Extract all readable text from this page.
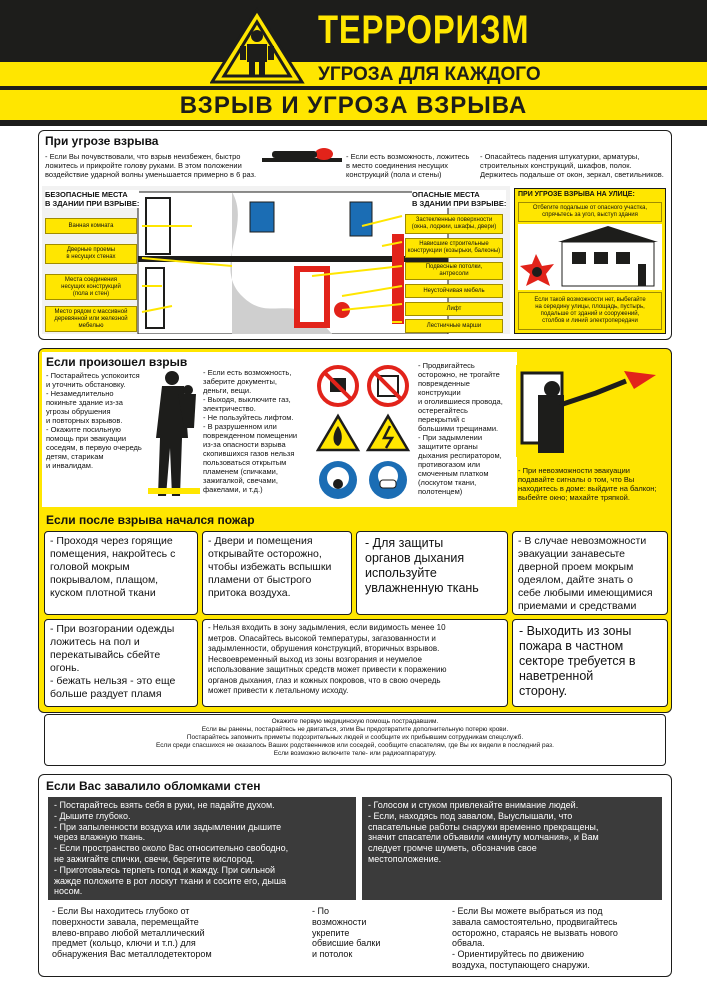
ТЕРРОРИЗМ
УГРОЗА ДЛЯ КАЖДОГО
ВЗРЫВ И УГРОЗА ВЗРЫВА
При угрозе взрыва
- Если Вы почувствовали, что взрыв неизбежен, быстро
ложитесь и прикройте голову руками. В этом положении
воздействие ударной волны уменьшается примерно в 6 раз.
- Если есть возможность, ложитесь
в место соединения несущих
конструкций (пола и стены)
- Опасайтесь падения штукатурки, арматуры,
строительных конструкций, шкафов, полок.
Держитесь подальше от окон, зеркал, светильников.
БЕЗОПАСНЫЕ МЕСТА
В ЗДАНИИ ПРИ ВЗРЫВЕ:
Ванная комната
Дверные проемы
в несущих стенах
Места соединения
несущих конструкций
(пола и стен)
Место рядом с массивной
деревянной или железной
мебелью
ОПАСНЫЕ МЕСТА
В ЗДАНИИ ПРИ ВЗРЫВЕ:
Застекленные поверхности
(окна, лоджии, шкафы, двери)
Нависшие строительные
конструкции (козырьки, балконы)
Подвесные потолки,
антресоли
Неустойчивая мебель
Лифт
Лестничные марши
ПРИ УГРОЗЕ ВЗРЫВА НА УЛИЦЕ:
Отбегите подальше от опасного участка,
спрячьтесь за угол, выступ здания
Если такой возможности нет, выбегайте
на середину улицы, площадь, пустырь,
подальше от зданий и сооружений,
столбов и линий электропередачи
Если произошел взрыв
- Постарайтесь успокоится
и уточнить обстановку.
- Незамедлительно
покиньте здание из-за
угрозы обрушения
и повторных взрывов.
- Окажите посильную
помощь при эвакуации
соседям, в первую очередь
детям, старикам
и инвалидам.
- Если есть возможность,
заберите документы,
деньги, вещи.
- Выходя, выключите газ,
электричество.
- Не пользуйтесь лифтом.
- В разрушенном или
поврежденном помещении
из-за опасности взрыва
скопившихся газов нельзя
пользоваться открытым
пламенем (спичками,
зажигалкой, свечами,
факелами, и т.д.)
- Продвигайтесь
осторожно, не трогайте
поврежденные
конструкции
и оголившиеся провода,
остерегайтесь
перекрытий с
большими трещинами.
- При задымлении
защитите органы
дыхания респиратором,
противогазом или
смоченным платком
(лоскутом ткани,
полотенцем)
- При невозможности эвакуации
подавайте сигналы о том, что Вы
находитесь в доме: выйдите на балкон;
выбейте окно; махайте тряпкой.
Если после взрыва начался пожар
- Проходя через горящие
помещения, накройтесь с
головой мокрым
покрывалом, плащом,
куском плотной ткани
- Двери и помещения
открывайте осторожно,
чтобы избежать вспышки
пламени от быстрого
притока воздуха.
- Для защиты
органов дыхания
используйте
увлажненную ткань
- В случае невозможности
эвакуации занавесьте
дверной проем мокрым
одеялом, дайте знать о
себе любыми имеющимися
приемами и средствами
- При возгорании одежды
ложитесь на пол и
перекатывайсь сбейте
огонь.
- бежать нельзя - это еще
больше раздует пламя
- Нельзя входить в зону задымления, если видимость менее 10
метров. Опасайтесь высокой температуры, загазованности и
задымленности, обрушения конструкций, вторичных взрывов.
Несвоевременный выход из зоны возгорания и неумелое
использование защитных средств может привести к поражению
органов дыхания, глаз и кожных покровов, что в свою очередь
может привести к летальному исходу.
- Выходить из зоны
пожара в частном
секторе требуется в
наветренной
сторону.
Окажите первую медицинскую помощь пострадавшим.
Если вы ранены, постарайтесь не двигаться, этим Вы предотвратите дополнительную потерю крови.
Постарайтесь запомнить приметы подозрительных людей и сообщите их прибывшим сотрудникам спецслужб.
Если среди спасшихся не оказалось Ваших родственников или соседей, сообщите спасателям, где Вы их видели в последний раз.
Если возможно включите теле- или радиоаппаратуру.
Если Вас завалило обломками стен
- Постарайтесь взять себя в руки, не падайте духом.
- Дышите глубоко.
- При запыленности воздуха или задымлении дышите
через влажную ткань.
- Если пространство около Вас относительно свободно,
не зажигайте спички, свечи, берегите кислород.
- Приготовьтесь терпеть голод и жажду. При сильной
жажде положите в рот лоскут ткани и сосите его, дыша
носом.
- Голосом и стуком привлекайте внимание людей.
- Если, находясь под завалом, Выуслышали, что
спасательные работы снаружи временно прекращены,
значит спасатели объявили «минуту молчания», и Вам
следует громче шуметь, обозначив свое
местоположение.
- Если Вы находитесь глубоко от
поверхности завала, перемещайте
влево-вправо любой металлический
предмет (кольцо, ключи и т.п.) для
обнаружения Вас металлодетектором
- По
возможности
укрепите
обвисшие балки
и потолок
- Если Вы можете выбраться из под
завала самостоятельно, продвигайтесь
осторожно, стараясь не вызвать нового
обвала.
- Ориентируйтесь по движению
воздуха, поступающего снаружи.
